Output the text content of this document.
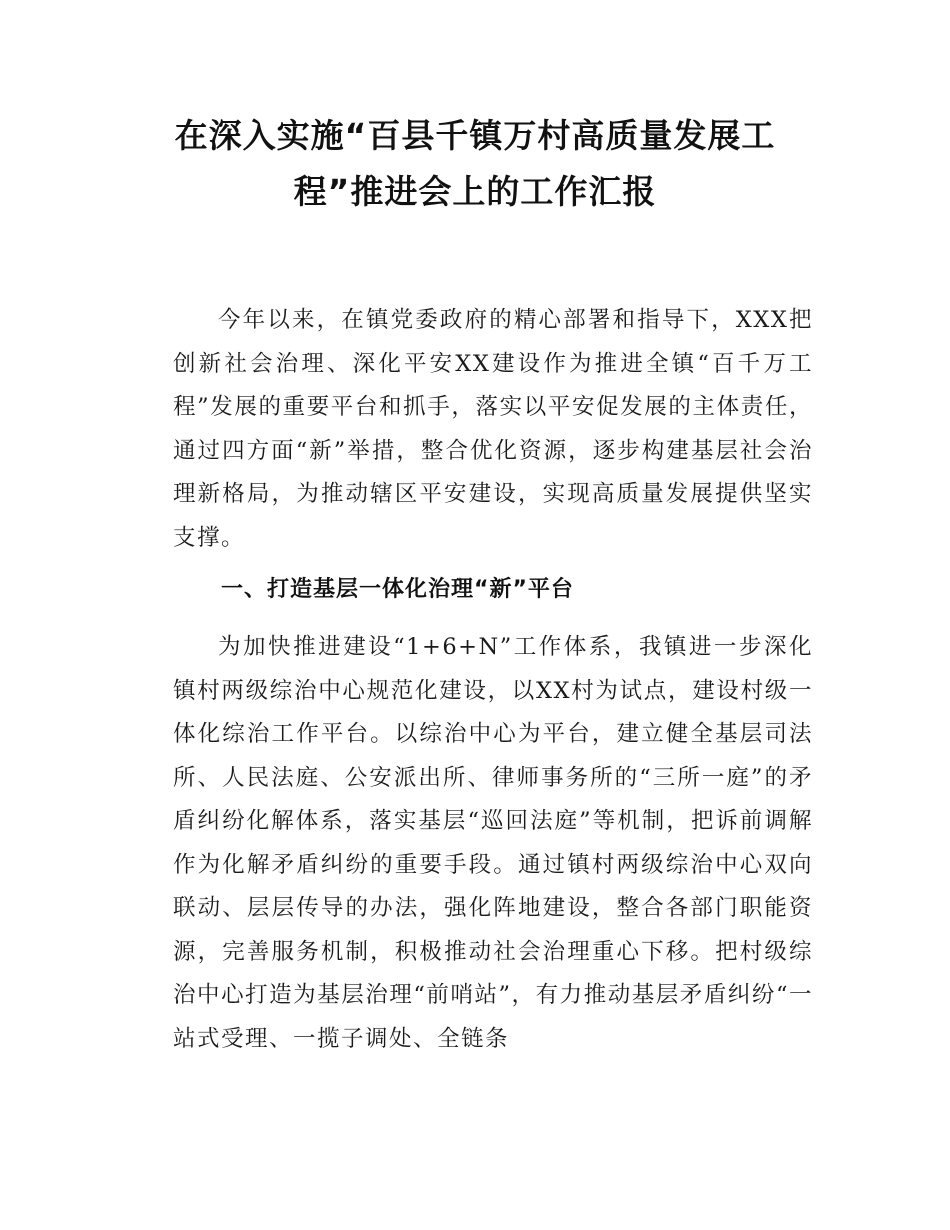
在深入实施“百县千镇万村高质量发展工
程”推进会上的工作汇报

今年以来，在镇党委政府的精心部署和指导下，XXX把创新社会治理、深化平安XX建设作为推进全镇“百千万工程”发展的重要平台和抓手，落实以平安促发展的主体责任，通过四方面“新”举措，整合优化资源，逐步构建基层社会治理新格局，为推动辖区平安建设，实现高质量发展提供坚实支撑。

一、打造基层一体化治理“新”平台

为加快推进建设“1+6+N”工作体系，我镇进一步深化镇村两级综治中心规范化建设，以XX村为试点，建设村级一体化综治工作平台。以综治中心为平台，建立健全基层司法所、人民法庭、公安派出所、律师事务所的“三所一庭”的矛盾纠纷化解体系，落实基层“巡回法庭”等机制，把诉前调解作为化解矛盾纠纷的重要手段。通过镇村两级综治中心双向联动、层层传导的办法，强化阵地建设，整合各部门职能资源，完善服务机制，积极推动社会治理重心下移。把村级综治中心打造为基层治理“前哨站”，有力推动基层矛盾纠纷“一站式受理、一揽子调处、全链条
